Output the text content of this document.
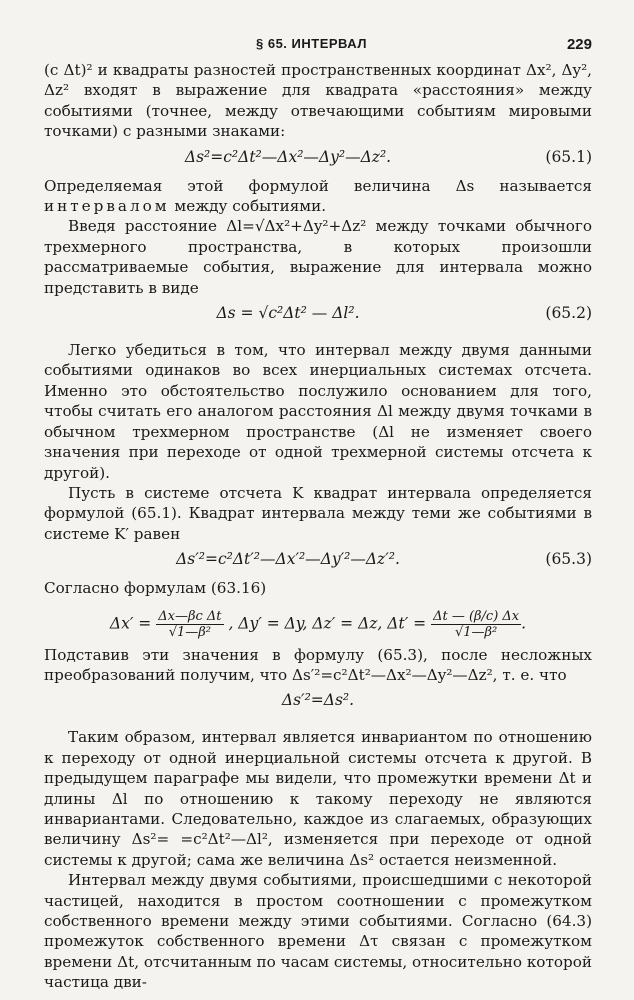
§ 65. ИНТЕРВАЛ	229

(c Δt)² и квадраты разностей пространственных координат Δx², Δy², Δz² входят в выражение для квадрата «расстояния» между событиями (точнее, между отвечающими событиям мировыми точками) с разными знаками:

Δs²=c²Δt²—Δx²—Δy²—Δz².	(65.1)

Определяемая этой формулой величина Δs называется интервалом между событиями.

Введя расстояние Δl=√Δx²+Δy²+Δz² между точками обычного трехмерного пространства, в которых произошли рассматриваемые события, выражение для интервала можно представить в виде

Δs = √c²Δt² — Δl².	(65.2)

Легко убедиться в том, что интервал между двумя данными событиями одинаков во всех инерциальных системах отсчета. Именно это обстоятельство послужило основанием для того, чтобы считать его аналогом расстояния Δl между двумя точками в обычном трехмерном пространстве (Δl не изменяет своего значения при переходе от одной трехмерной системы отсчета к другой).

Пусть в системе отсчета K квадрат интервала определяется формулой (65.1). Квадрат интервала между теми же событиями в системе K′ равен

Δs′²=c²Δt′²—Δx′²—Δy′²—Δz′².	(65.3)

Согласно формулам (63.16)

$\Delta x' = \frac{\text{Δx—βc Δt}}{\text{√1—β²}}$ , Δy′ = Δy, Δz′ = Δz, $\Delta t' = \frac{\Delta t — (\beta/c) \Delta x}{\text{√1—β²}}$ .

Подставив эти значения в формулу (65.3), после несложных преобразований получим, что Δs′²=c²Δt²—Δx²—Δy²—Δz², т. е. что

Δs′²=Δs².

Таким образом, интервал является инвариантом по отношению к переходу от одной инерциальной системы отсчета к другой. В предыдущем параграфе мы видели, что промежутки времени Δt и длины Δl по отношению к такому переходу не являются инвариантами. Следовательно, каждое из слагаемых, образующих величину Δs²= =c²Δt²—Δl², изменяется при переходе от одной системы к другой; сама же величина Δs² остается неизменной.

Интервал между двумя событиями, происшедшими с некоторой частицей, находится в простом соотношении с промежутком собственного времени между этими событиями. Согласно (64.3) промежуток собственного времени Δτ связан с промежутком времени Δt, отсчитанным по часам системы, относительно которой частица дви-
